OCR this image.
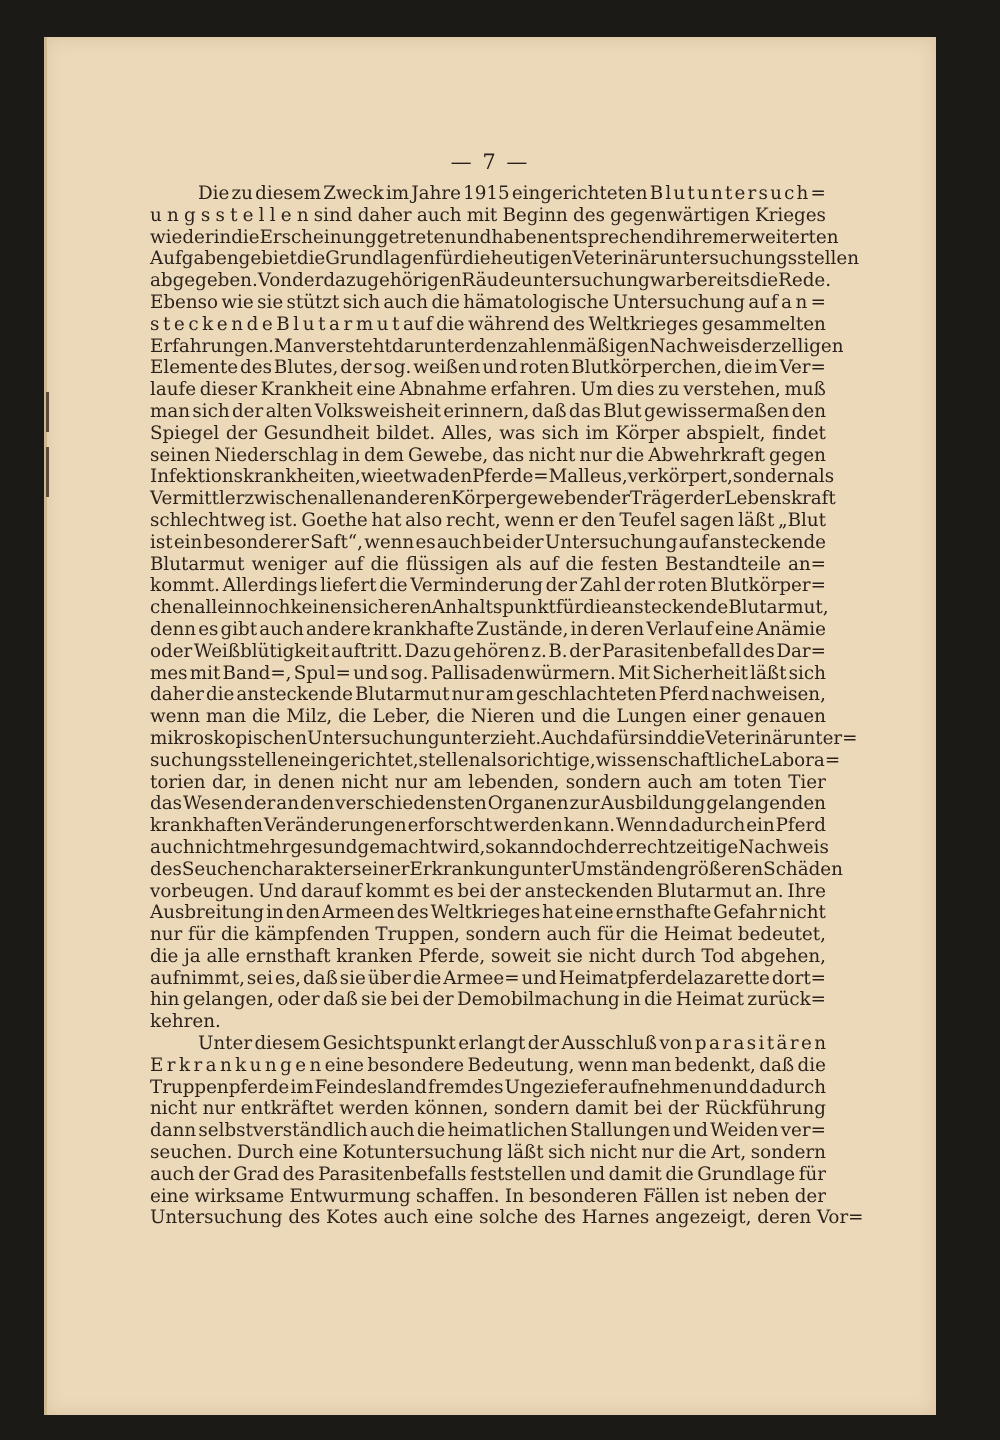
— 7 —
Die zu diesem Zweck im Jahre 1915 eingerichteten B l u t u n t e r s u c h =
u n g s s t e l l e n sind daher auch mit Beginn des gegenwärtigen Krieges
wieder in die Erscheinung getreten und haben entsprechend ihrem erweiterten
Aufgabengebiet die Grundlagen für die heutigen Veterinäruntersuchungsstellen
abgegeben. Von der dazugehörigen Räudeuntersuchung war bereits die Rede.
Ebenso wie sie stützt sich auch die hämatologische Untersuchung auf a n =
s t e c k e n d e B l u t a r m u t auf die während des Weltkrieges gesammelten
Erfahrungen. Man versteht darunter den zahlenmäßigen Nachweis der zelligen
Elemente des Blutes, der sog. weißen und roten Blutkörperchen, die im Ver=
laufe dieser Krankheit eine Abnahme erfahren. Um dies zu verstehen, muß
man sich der alten Volksweisheit erinnern, daß das Blut gewissermaßen den
Spiegel der Gesundheit bildet. Alles, was sich im Körper abspielt, findet
seinen Niederschlag in dem Gewebe, das nicht nur die Abwehrkraft gegen
Infektionskrankheiten, wie etwa den Pferde=Malleus, verkörpert, sondern als
Vermittler zwischen allen anderen Körpergeweben der Träger der Lebenskraft
schlechtweg ist. Goethe hat also recht, wenn er den Teufel sagen läßt „Blut
ist ein besonderer Saft“, wenn es auch bei der Untersuchung auf ansteckende
Blutarmut weniger auf die flüssigen als auf die festen Bestandteile an=
kommt. Allerdings liefert die Verminderung der Zahl der roten Blutkörper=
chen allein noch keinen sicheren Anhaltspunkt für die ansteckende Blutarmut,
denn es gibt auch andere krankhafte Zustände, in deren Verlauf eine Anämie
oder Weißblütigkeit auftritt. Dazu gehören z. B. der Parasitenbefall des Dar=
mes mit Band=, Spul= und sog. Pallisadenwürmern. Mit Sicherheit läßt sich
daher die ansteckende Blutarmut nur am geschlachteten Pferd nachweisen,
wenn man die Milz, die Leber, die Nieren und die Lungen einer genauen
mikroskopischen Untersuchung unterzieht. Auch dafür sind die Veterinärunter=
suchungsstellen eingerichtet, stellen also richtige, wissenschaftliche Labora=
torien dar, in denen nicht nur am lebenden, sondern auch am toten Tier
das Wesen der an den verschiedensten Organen zur Ausbildung gelangenden
krankhaften Veränderungen erforscht werden kann. Wenn dadurch ein Pferd
auch nicht mehr gesund gemacht wird, so kann doch der rechtzeitige Nachweis
des Seuchencharakters einer Erkrankung unter Umständen größeren Schäden
vorbeugen. Und darauf kommt es bei der ansteckenden Blutarmut an. Ihre
Ausbreitung in den Armeen des Weltkrieges hat eine ernsthafte Gefahr nicht
nur für die kämpfenden Truppen, sondern auch für die Heimat bedeutet,
die ja alle ernsthaft kranken Pferde, soweit sie nicht durch Tod abgehen,
aufnimmt, sei es, daß sie über die Armee= und Heimatpferdelazarette dort=
hin gelangen, oder daß sie bei der Demobilmachung in die Heimat zurück=
kehren.
Unter diesem Gesichtspunkt erlangt der Ausschluß von p a r a s i t ä r e n
E r k r a n k u n g e n eine besondere Bedeutung, wenn man bedenkt, daß die
Truppenpferde im Feindesland fremdes Ungeziefer aufnehmen und dadurch
nicht nur entkräftet werden können, sondern damit bei der Rückführung
dann selbstverständlich auch die heimatlichen Stallungen und Weiden ver=
seuchen. Durch eine Kotuntersuchung läßt sich nicht nur die Art, sondern
auch der Grad des Parasitenbefalls feststellen und damit die Grundlage für
eine wirksame Entwurmung schaffen. In besonderen Fällen ist neben der
Untersuchung des Kotes auch eine solche des Harnes angezeigt, deren Vor=
